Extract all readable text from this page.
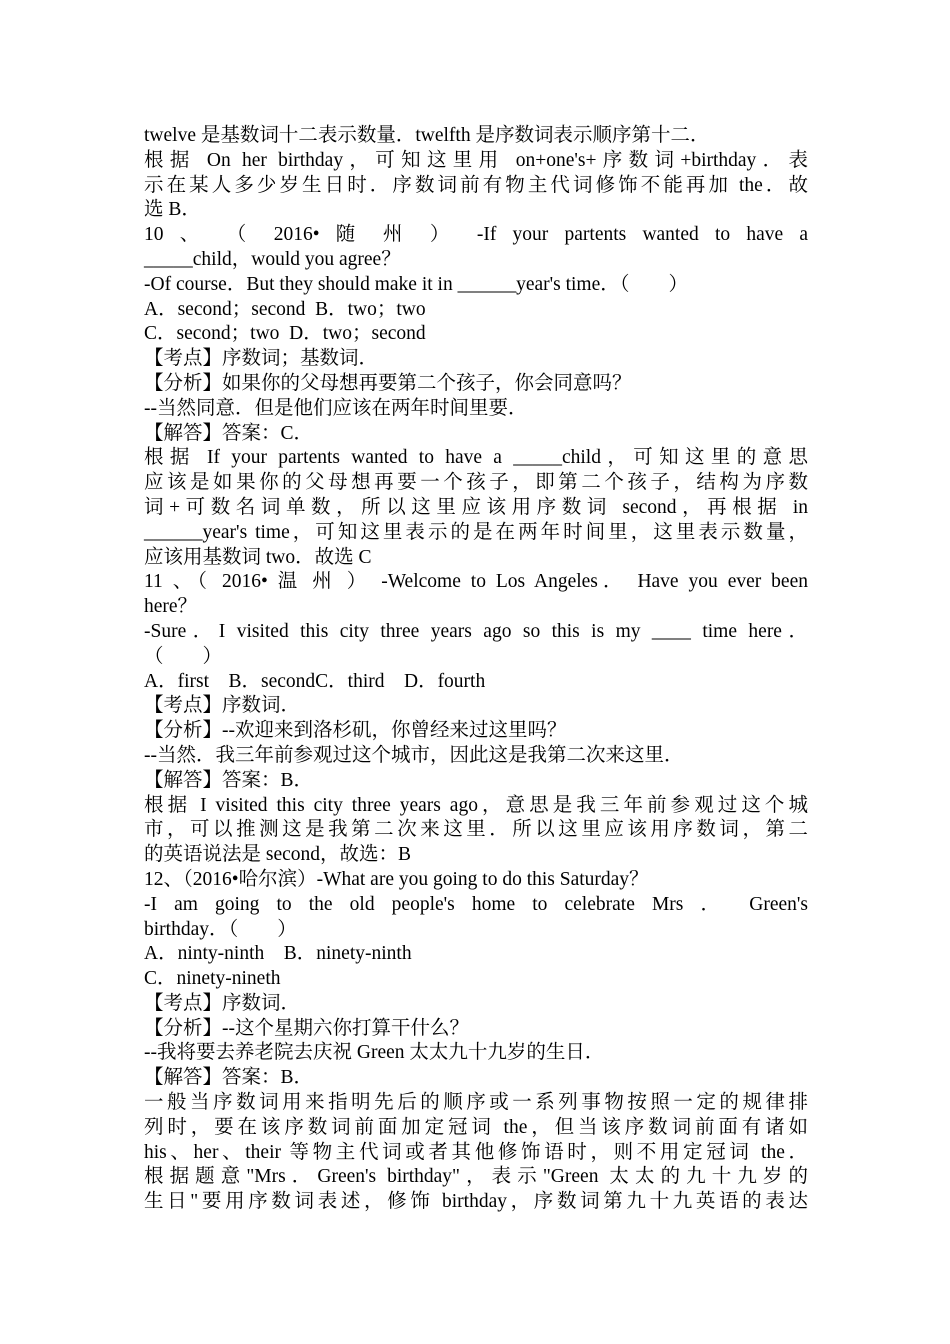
twelve 是基数词十二表示数量．twelfth 是序数词表示顺序第十二．
根据 On her birthday，可知这里用 on+one's+序数词+birthday．表
示在某人多少岁生日时．序数词前有物主代词修饰不能再加 the．故
选 B．
10 、 （ 2016• 随 州 ） -If your partents wanted to have a
_____child，would you agree？
-Of course．But they should make it in ______year's time．（　　）
A．second；second  B．two；two
C．second；two  D．two；second
【考点】序数词；基数词．
【分析】如果你的父母想再要第二个孩子，你会同意吗？
--当然同意．但是他们应该在两年时间里要．
【解答】答案：C．
根据 If your partents wanted to have a _____child，可知这里的意思
应该是如果你的父母想再要一个孩子，即第二个孩子，结构为序数
词+可数名词单数，所以这里应该用序数词 second，再根据 in
______year's time，可知这里表示的是在两年时间里，这里表示数量，
应该用基数词 two．故选 C
11 、（ 2016• 温 州 ） -Welcome to Los Angeles． Have you ever been
here？
-Sure．I visited this city three years ago so this is my ____ time here．
（　　）
A．first    B．secondC．third    D．fourth
【考点】序数词．
【分析】--欢迎来到洛杉矶，你曾经来过这里吗？
--当然．我三年前参观过这个城市，因此这是我第二次来这里．
【解答】答案：B．
根据 I visited this city three years ago，意思是我三年前参观过这个城
市，可以推测这是我第二次来这里．所以这里应该用序数词，第二
的英语说法是 second，故选：B
12、（2016•哈尔滨）-What are you going to do this Saturday？
-I am going to the old people's home to celebrate Mrs ． Green's
birthday．（　　）
A．ninty-ninth    B．ninety-ninth
C．ninety-nineth
【考点】序数词．
【分析】--这个星期六你打算干什么？
--我将要去养老院去庆祝 Green 太太九十九岁的生日．
【解答】答案：B．
一般当序数词用来指明先后的顺序或一系列事物按照一定的规律排
列时，要在该序数词前面加定冠词 the，但当该序数词前面有诸如
his、her、their 等物主代词或者其他修饰语时，则不用定冠词 the．
根据题意"Mrs．Green's birthday"，表示"Green 太太的九十九岁的
生日"要用序数词表述，修饰 birthday，序数词第九十九英语的表达
